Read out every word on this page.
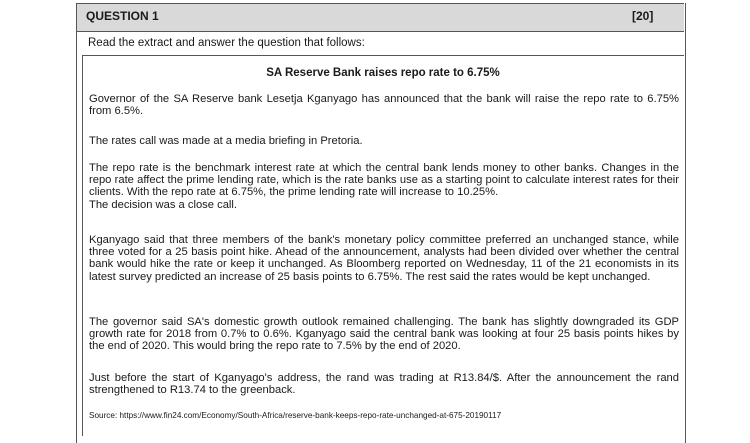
QUESTION 1	[20]
Read the extract and answer the question that follows:
SA Reserve Bank raises repo rate to 6.75%
Governor of the SA Reserve bank Lesetja Kganyago has announced that the bank will raise the repo rate to 6.75% from 6.5%.
The rates call was made at a media briefing in Pretoria.
The repo rate is the benchmark interest rate at which the central bank lends money to other banks. Changes in the repo rate affect the prime lending rate, which is the rate banks use as a starting point to calculate interest rates for their clients. With the repo rate at 6.75%, the prime lending rate will increase to 10.25%.
The decision was a close call.
Kganyago said that three members of the bank's monetary policy committee preferred an unchanged stance, while three voted for a 25 basis point hike. Ahead of the announcement, analysts had been divided over whether the central bank would hike the rate or keep it unchanged. As Bloomberg reported on Wednesday, 11 of the 21 economists in its latest survey predicted an increase of 25 basis points to 6.75%. The rest said the rates would be kept unchanged.
The governor said SA's domestic growth outlook remained challenging. The bank has slightly downgraded its GDP growth rate for 2018 from 0.7% to 0.6%. Kganyago said the central bank was looking at four 25 basis points hikes by the end of 2020. This would bring the repo rate to 7.5% by the end of 2020.
Just before the start of Kganyago's address, the rand was trading at R13.84/$. After the announcement the rand strengthened to R13.74 to the greenback.
Source: https://www.fin24.com/Economy/South-Africa/reserve-bank-keeps-repo-rate-unchanged-at-675-20190117
